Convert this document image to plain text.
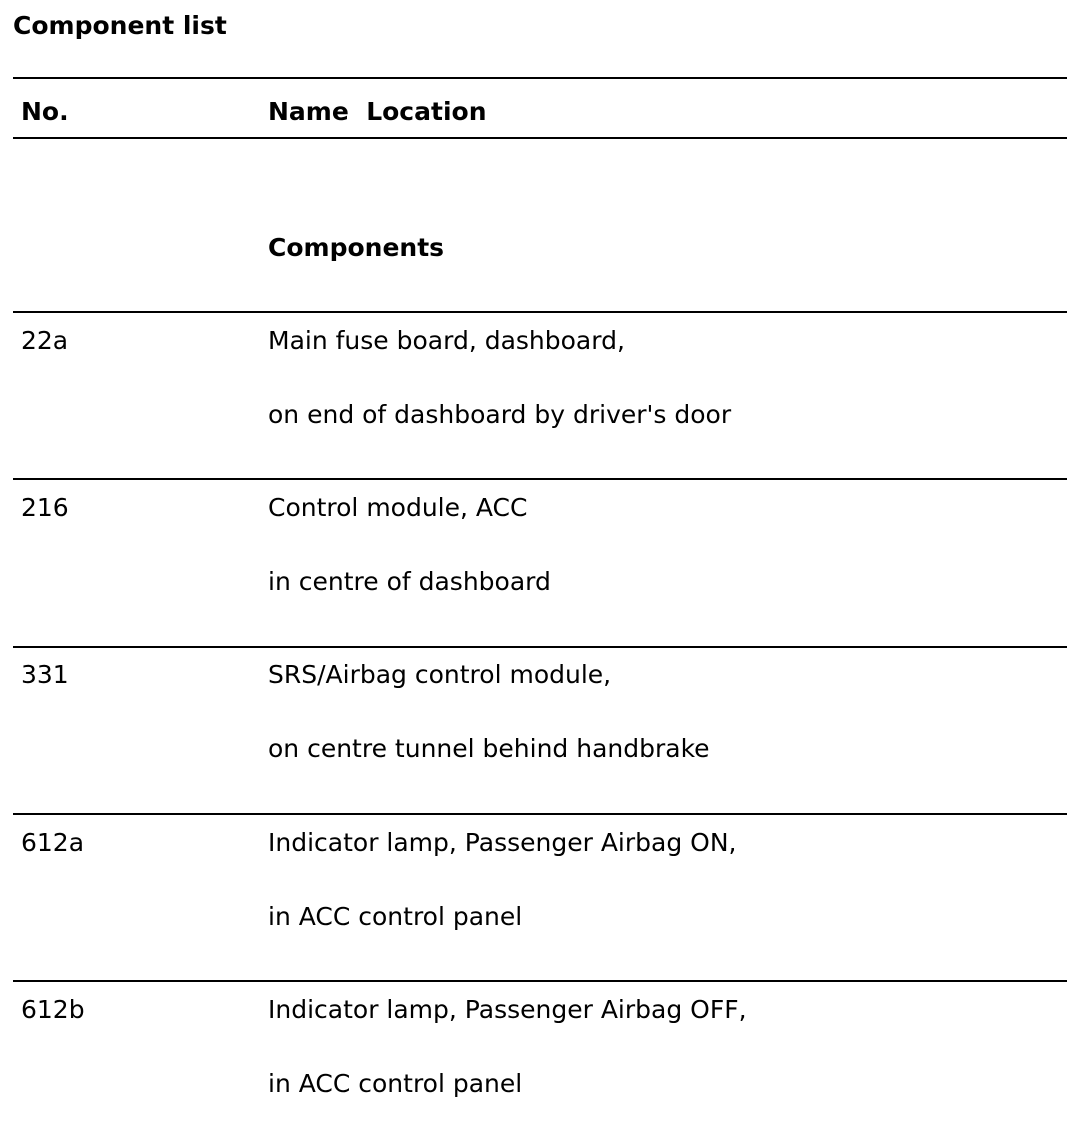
Component list
No.	Name  Location
Components
22a	Main fuse board, dashboard,
on end of dashboard by driver's door
216	Control module, ACC
in centre of dashboard
331	SRS/Airbag control module,
on centre tunnel behind handbrake
612a	Indicator lamp, Passenger Airbag ON,
in ACC control panel
612b	Indicator lamp, Passenger Airbag OFF,
in ACC control panel
